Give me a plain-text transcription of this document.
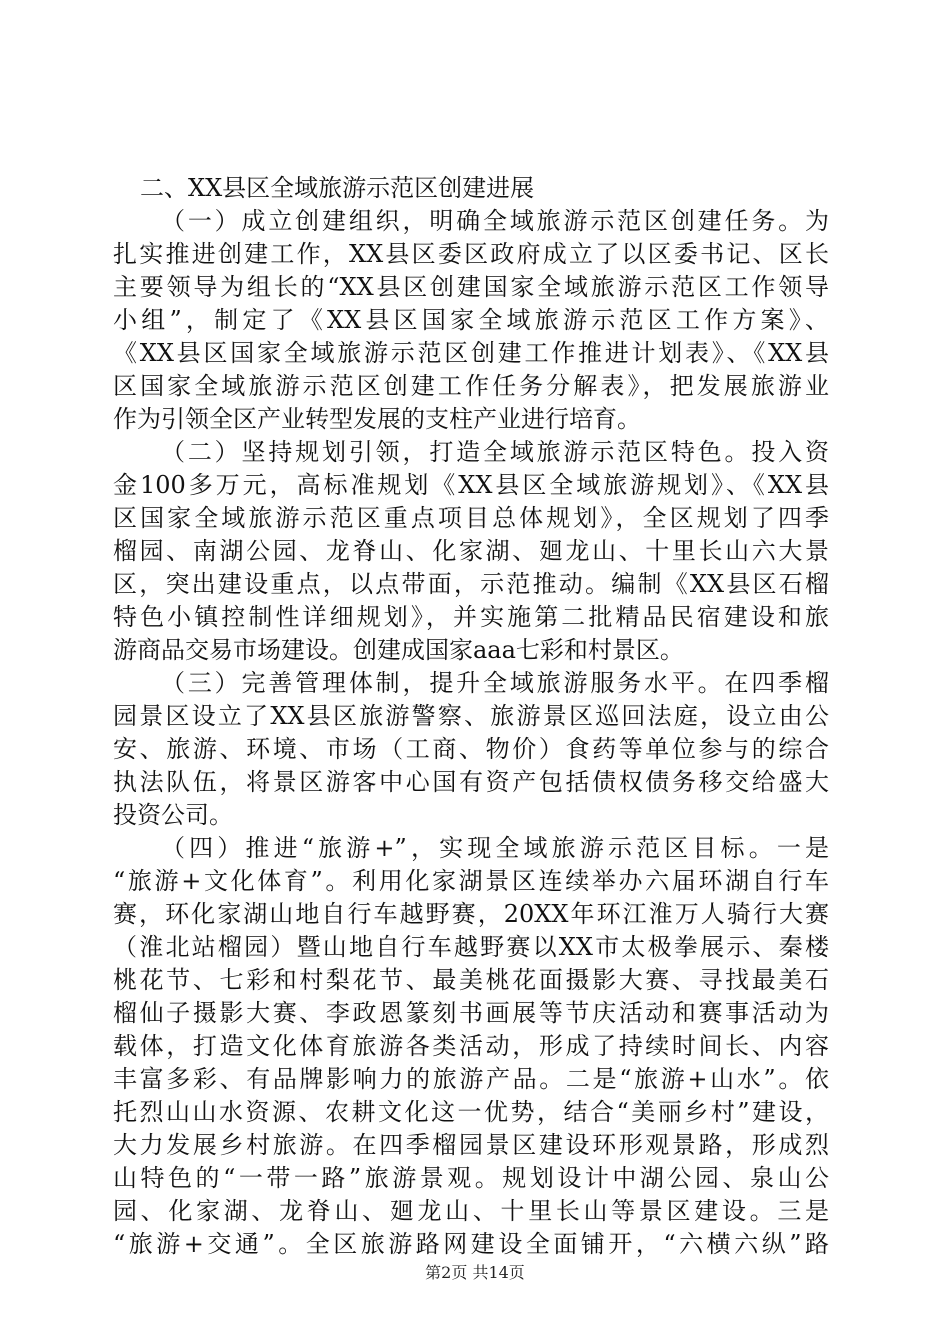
二、XX县区全域旅游示范区创建进展
（一）成立创建组织，明确全域旅游示范区创建任务。为
扎实推进创建工作，XX县区委区政府成立了以区委书记、区长
主要领导为组长的“XX县区创建国家全域旅游示范区工作领导
小组”，制定了《XX县区国家全域旅游示范区工作方案》、
《XX县区国家全域旅游示范区创建工作推进计划表》、《XX县
区国家全域旅游示范区创建工作任务分解表》，把发展旅游业
作为引领全区产业转型发展的支柱产业进行培育。
（二）坚持规划引领，打造全域旅游示范区特色。投入资
金100多万元，高标准规划《XX县区全域旅游规划》、《XX县
区国家全域旅游示范区重点项目总体规划》，全区规划了四季
榴园、南湖公园、龙脊山、化家湖、廻龙山、十里长山六大景
区，突出建设重点，以点带面，示范推动。编制《XX县区石榴
特色小镇控制性详细规划》，并实施第二批精品民宿建设和旅
游商品交易市场建设。创建成国家aaa七彩和村景区。
（三）完善管理体制，提升全域旅游服务水平。在四季榴
园景区设立了XX县区旅游警察、旅游景区巡回法庭，设立由公
安、旅游、环境、市场（工商、物价）食药等单位参与的综合
执法队伍，将景区游客中心国有资产包括债权债务移交给盛大
投资公司。
（四）推进“旅游+”，实现全域旅游示范区目标。一是
“旅游+文化体育”。利用化家湖景区连续举办六届环湖自行车
赛，环化家湖山地自行车越野赛，20XX年环江淮万人骑行大赛
（淮北站榴园）暨山地自行车越野赛以XX市太极拳展示、秦楼
桃花节、七彩和村梨花节、最美桃花面摄影大赛、寻找最美石
榴仙子摄影大赛、李政恩篆刻书画展等节庆活动和赛事活动为
载体，打造文化体育旅游各类活动，形成了持续时间长、内容
丰富多彩、有品牌影响力的旅游产品。二是“旅游+山水”。依
托烈山山水资源、农耕文化这一优势，结合“美丽乡村”建设，
大力发展乡村旅游。在四季榴园景区建设环形观景路，形成烈
山特色的“一带一路”旅游景观。规划设计中湖公园、泉山公
园、化家湖、龙脊山、廻龙山、十里长山等景区建设。三是
“旅游+交通”。全区旅游路网建设全面铺开，“六横六纵”路
第2页 共14页
